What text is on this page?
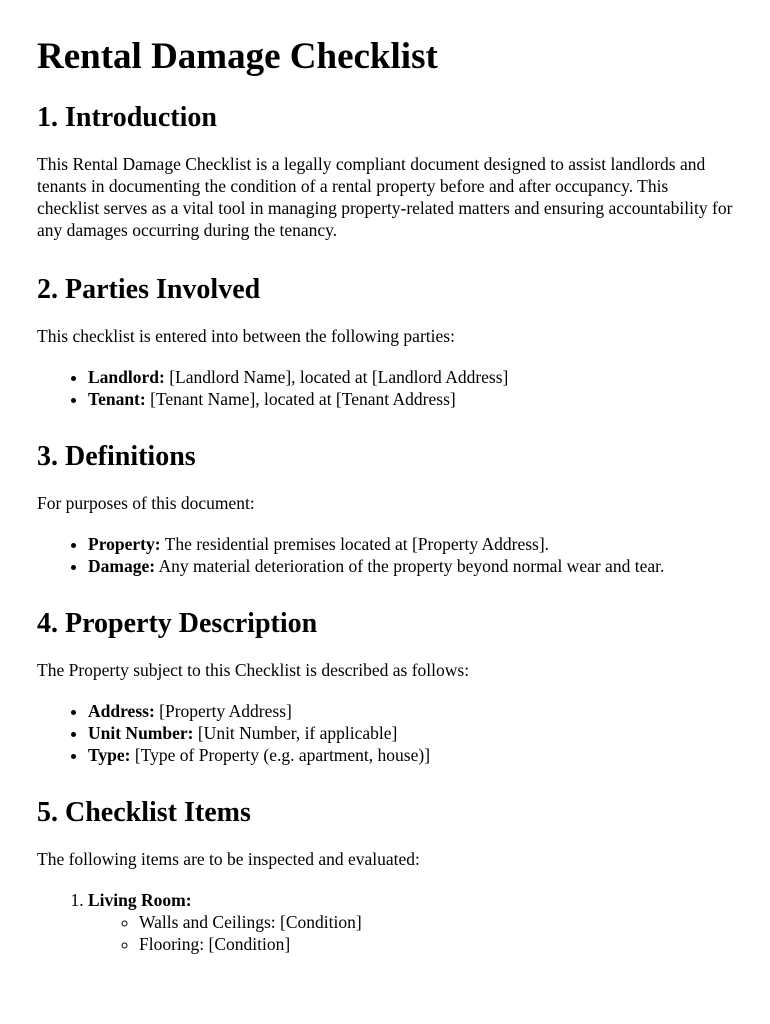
Rental Damage Checklist
1. Introduction

This Rental Damage Checklist is a legally compliant document designed to assist landlords and tenants in documenting the condition of a rental property before and after occupancy. This checklist serves as a vital tool in managing property-related matters and ensuring accountability for any damages occurring during the tenancy.

2. Parties Involved

This checklist is entered into between the following parties:

• Landlord: [Landlord Name], located at [Landlord Address]
• Tenant: [Tenant Name], located at [Tenant Address]
3. Definitions

For purposes of this document:

• Property: The residential premises located at [Property Address].
• Damage: Any material deterioration of the property beyond normal wear and tear.
4. Property Description

The Property subject to this Checklist is described as follows:

• Address: [Property Address]
• Unit Number: [Unit Number, if applicable]
• Type: [Type of Property (e.g. apartment, house)]
5. Checklist Items

The following items are to be inspected and evaluated:

1. Living Room:
◦ Walls and Ceilings: [Condition]
◦ Flooring: [Condition]
